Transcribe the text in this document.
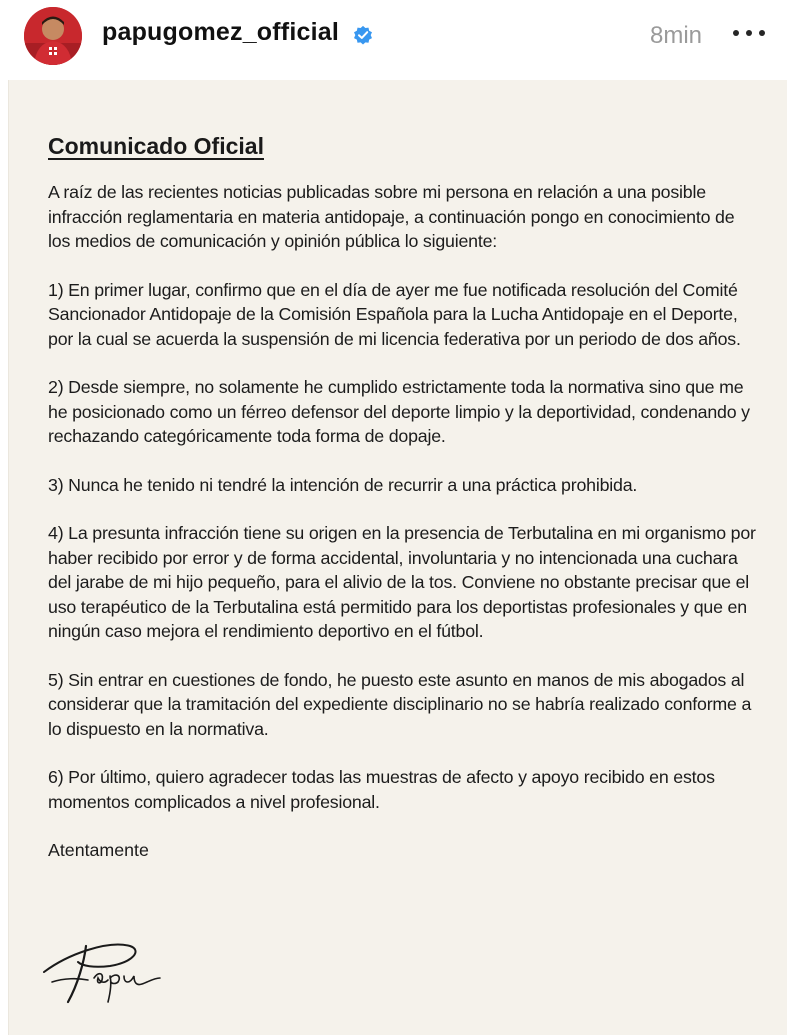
papugomez_official	8min
Comunicado Oficial

A raíz de las recientes noticias publicadas sobre mi persona en relación a una posible infracción reglamentaria en materia antidopaje, a continuación pongo en conocimiento de los medios de comunicación y opinión pública lo siguiente:

1) En primer lugar, confirmo que en el día de ayer me fue notificada resolución del Comité Sancionador Antidopaje de la Comisión Española para la Lucha Antidopaje en el Deporte, por la cual se acuerda la suspensión de mi licencia federativa por un periodo de dos años.

2) Desde siempre, no solamente he cumplido estrictamente toda la normativa sino que me he posicionado como un férreo defensor del deporte limpio y la deportividad, condenando y rechazando categóricamente toda forma de dopaje.

3) Nunca he tenido ni tendré la intención de recurrir a una práctica prohibida.

4) La presunta infracción tiene su origen en la presencia de Terbutalina en mi organismo por haber recibido por error y de forma accidental, involuntaria y no intencionada una cuchara del jarabe de mi hijo pequeño, para el alivio de la tos. Conviene no obstante precisar que el uso terapéutico de la Terbutalina está permitido para los deportistas profesionales y que en ningún caso mejora el rendimiento deportivo en el fútbol.

5) Sin entrar en cuestiones de fondo, he puesto este asunto en manos de mis abogados al considerar que la tramitación del expediente disciplinario no se habría realizado conforme a lo dispuesto en la normativa.

6) Por último, quiero agradecer todas las muestras de afecto y apoyo recibido en estos momentos complicados a nivel profesional.

Atentamente
